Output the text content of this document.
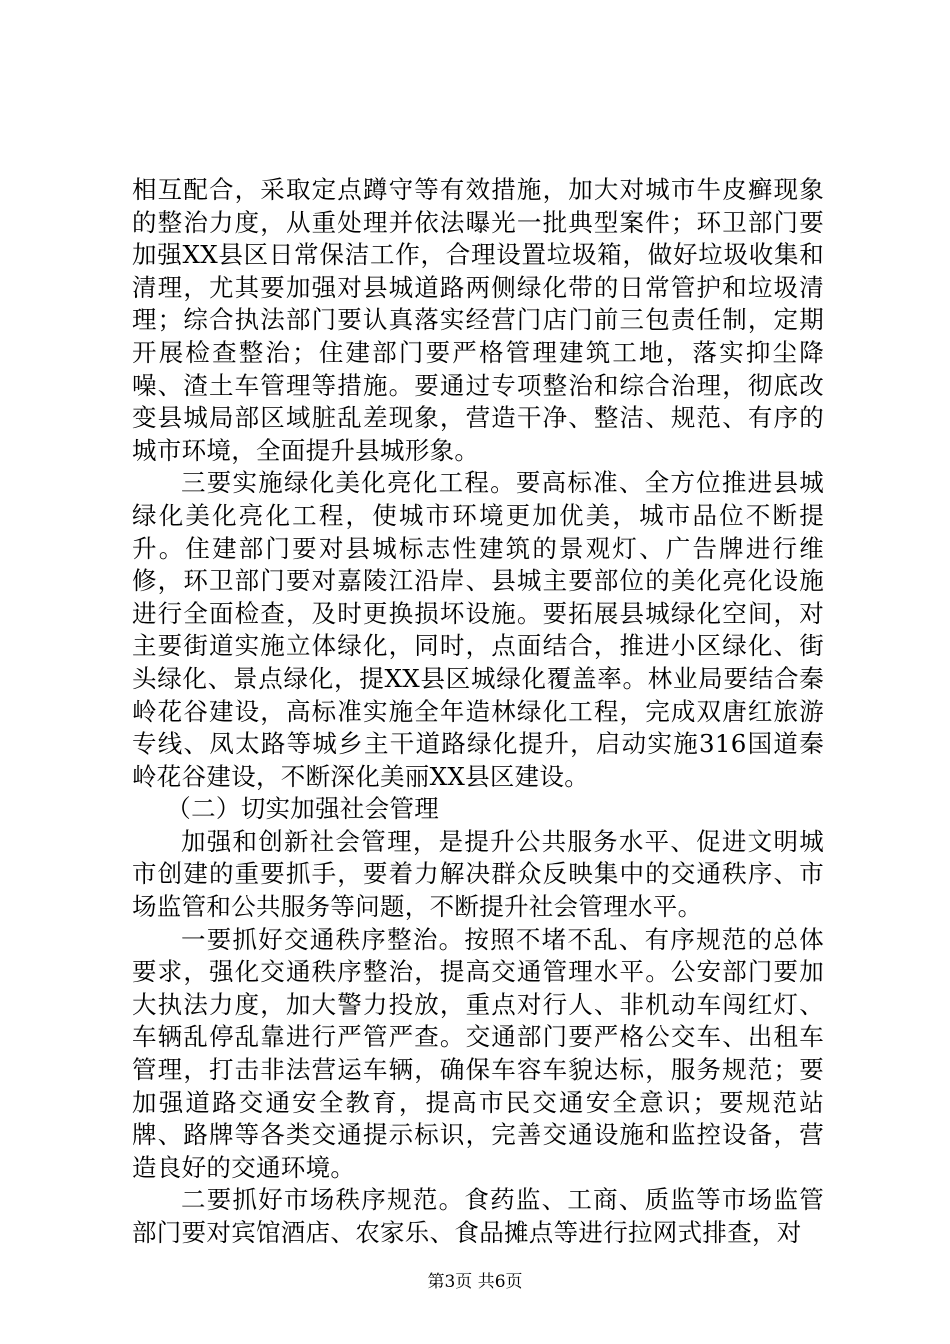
相互配合，采取定点蹲守等有效措施，加大对城市牛皮癣现象的整治力度，从重处理并依法曝光一批典型案件；环卫部门要加强XX县区日常保洁工作，合理设置垃圾箱，做好垃圾收集和清理，尤其要加强对县城道路两侧绿化带的日常管护和垃圾清理；综合执法部门要认真落实经营门店门前三包责任制，定期开展检查整治；住建部门要严格管理建筑工地，落实抑尘降噪、渣土车管理等措施。要通过专项整治和综合治理，彻底改变县城局部区域脏乱差现象，营造干净、整洁、规范、有序的城市环境，全面提升县城形象。

三要实施绿化美化亮化工程。要高标准、全方位推进县城绿化美化亮化工程，使城市环境更加优美，城市品位不断提升。住建部门要对县城标志性建筑的景观灯、广告牌进行维修，环卫部门要对嘉陵江沿岸、县城主要部位的美化亮化设施进行全面检查，及时更换损坏设施。要拓展县城绿化空间，对主要街道实施立体绿化，同时，点面结合，推进小区绿化、街头绿化、景点绿化，提XX县区城绿化覆盖率。林业局要结合秦岭花谷建设，高标准实施全年造林绿化工程，完成双唐红旅游专线、凤太路等城乡主干道路绿化提升，启动实施316国道秦岭花谷建设，不断深化美丽XX县区建设。

（二）切实加强社会管理

加强和创新社会管理，是提升公共服务水平、促进文明城市创建的重要抓手，要着力解决群众反映集中的交通秩序、市场监管和公共服务等问题，不断提升社会管理水平。

一要抓好交通秩序整治。按照不堵不乱、有序规范的总体要求，强化交通秩序整治，提高交通管理水平。公安部门要加大执法力度，加大警力投放，重点对行人、非机动车闯红灯、车辆乱停乱靠进行严管严查。交通部门要严格公交车、出租车管理，打击非法营运车辆，确保车容车貌达标，服务规范；要加强道路交通安全教育，提高市民交通安全意识；要规范站牌、路牌等各类交通提示标识，完善交通设施和监控设备，营造良好的交通环境。

二要抓好市场秩序规范。食药监、工商、质监等市场监管部门要对宾馆酒店、农家乐、食品摊点等进行拉网式排查，对

第3页 共6页
